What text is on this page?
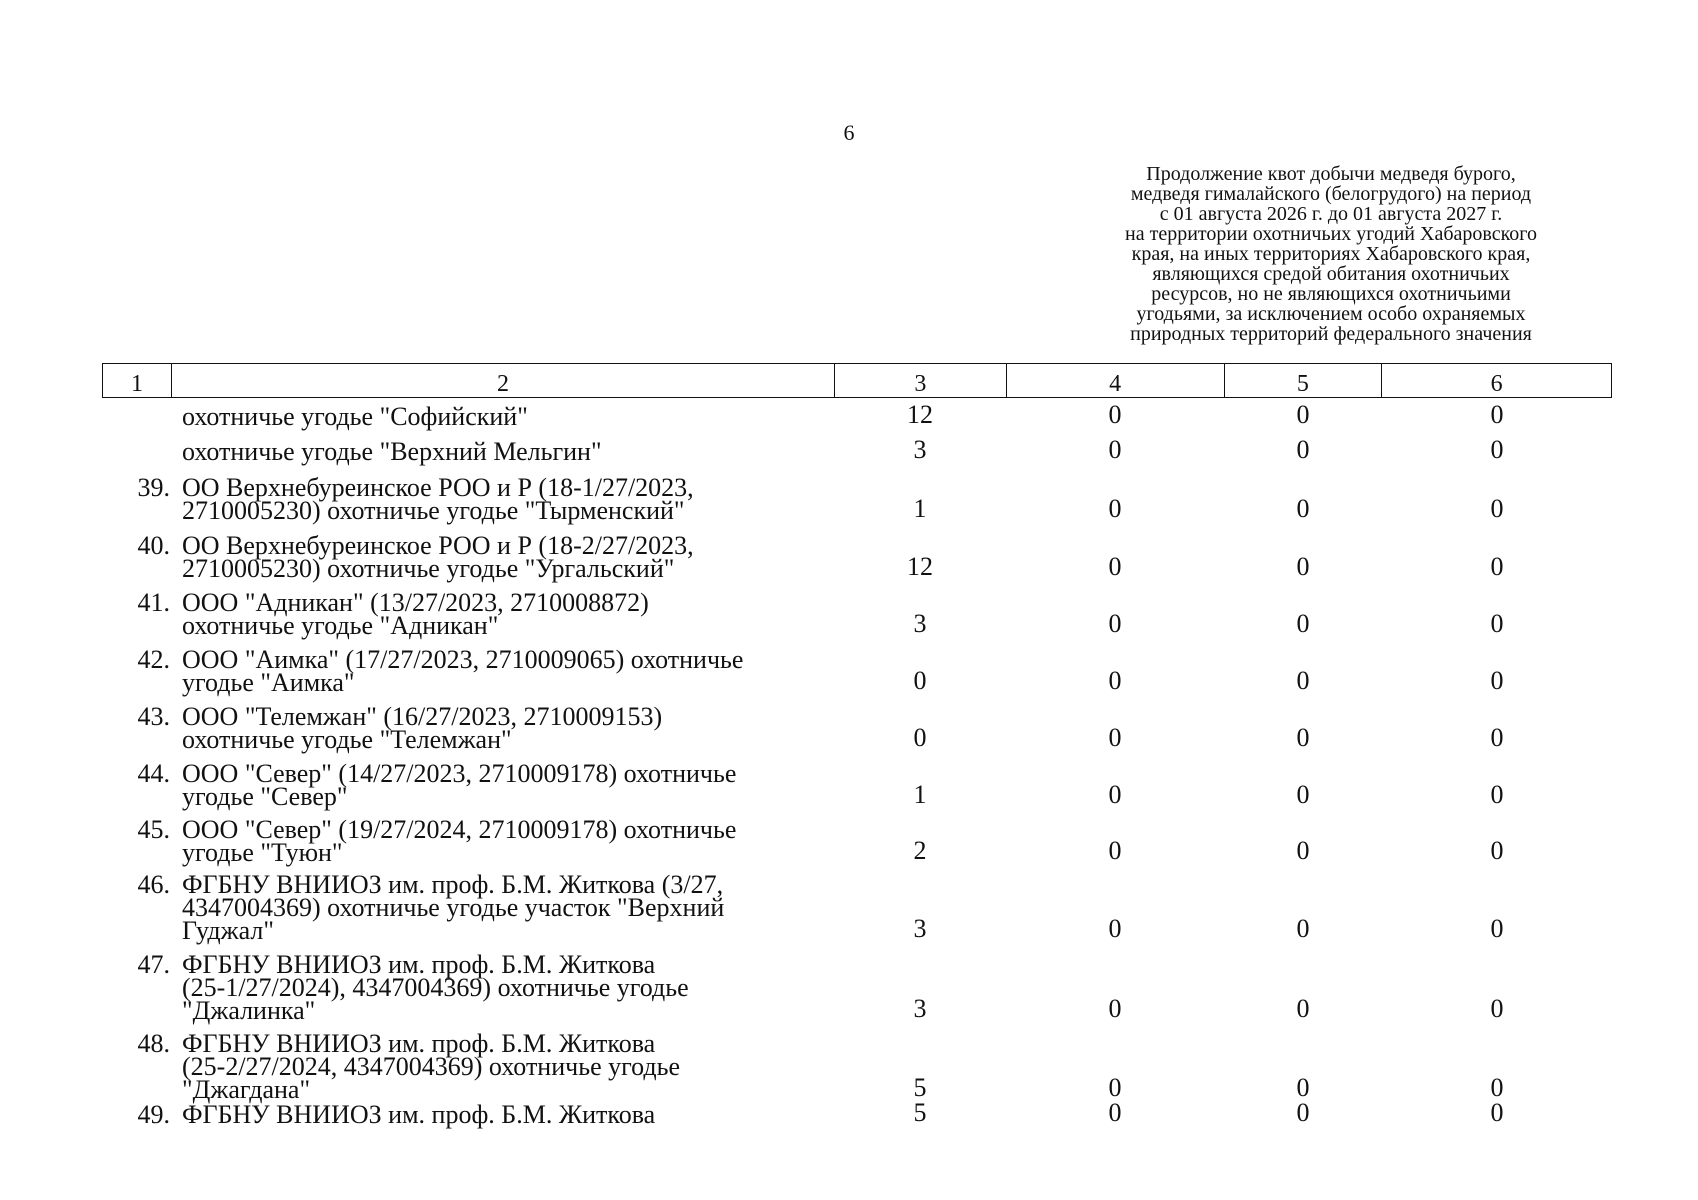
6
Продолжение квот добычи медведя бурого,
медведя гималайского (белогрудого) на период
с 01 августа 2026 г. до 01 августа 2027 г.
на территории охотничьих угодий Хабаровского
края, на иных территориях Хабаровского края,
являющихся средой обитания охотничьих
ресурсов, но не являющихся охотничьими
угодьями, за исключением особо охраняемых
природных территорий федерального значения
1	2	3	4	5	6
охотничье угодье "Софийский"	12	0	0	0
охотничье угодье "Верхний Мельгин"	3	0	0	0
39. ОО Верхнебуреинское РОО и Р (18-1/27/2023,
2710005230) охотничье угодье "Тырменский"	1	0	0	0
40. ОО Верхнебуреинское РОО и Р (18-2/27/2023,
2710005230) охотничье угодье "Ургальский"	12	0	0	0
41. ООО "Адникан" (13/27/2023, 2710008872)
охотничье угодье "Адникан"	3	0	0	0
42. ООО "Аимка" (17/27/2023, 2710009065) охотничье
угодье "Аимка"	0	0	0	0
43. ООО "Телемжан" (16/27/2023, 2710009153)
охотничье угодье "Телемжан"	0	0	0	0
44. ООО "Север" (14/27/2023, 2710009178) охотничье
угодье "Север"	1	0	0	0
45. ООО "Север" (19/27/2024, 2710009178) охотничье
угодье "Туюн"	2	0	0	0
46. ФГБНУ ВНИИОЗ им. проф. Б.М. Житкова (3/27,
4347004369) охотничье угодье участок "Верхний
Гуджал"	3	0	0	0
47. ФГБНУ ВНИИОЗ им. проф. Б.М. Житкова
(25-1/27/2024), 4347004369) охотничье угодье
"Джалинка"	3	0	0	0
48. ФГБНУ ВНИИОЗ им. проф. Б.М. Житкова
(25-2/27/2024, 4347004369) охотничье угодье
"Джагдана"	5	0	0	0
49. ФГБНУ ВНИИОЗ им. проф. Б.М. Житкова	5	0	0	0
